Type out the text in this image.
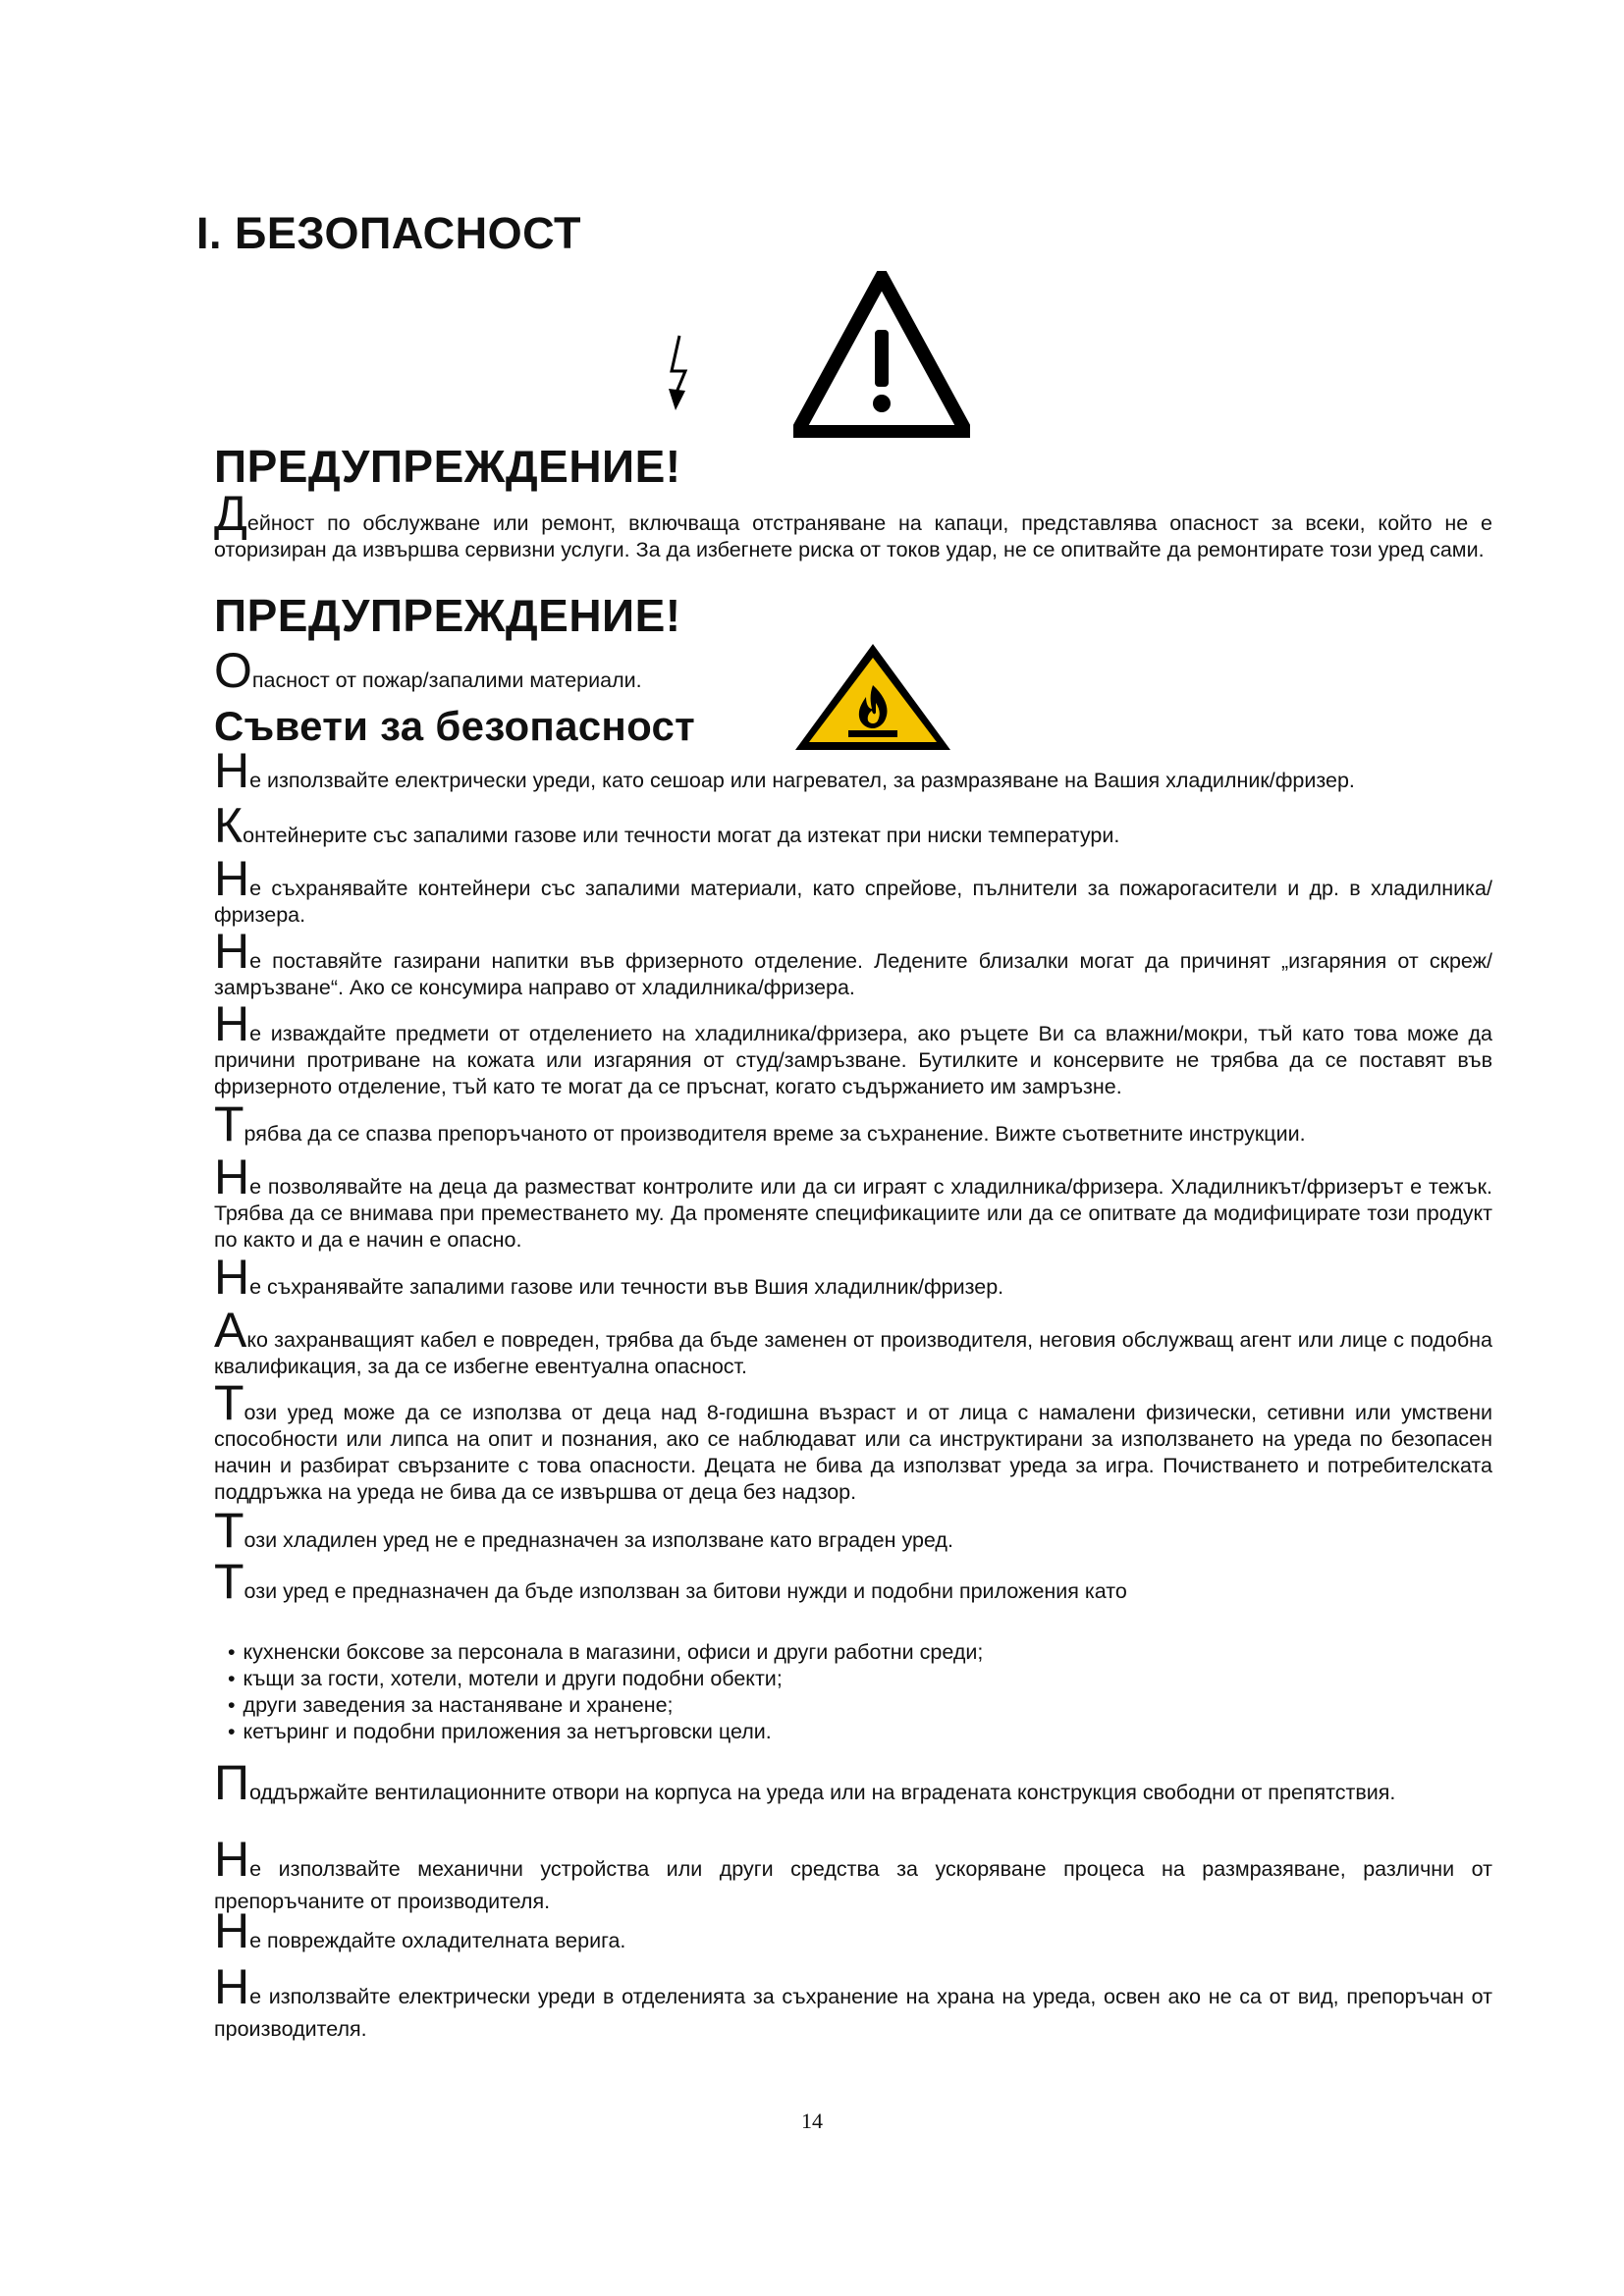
I. БЕЗОПАСНОСТ
ПРЕДУПРЕЖДЕНИЕ!

Дейност по обслужване или ремонт, включваща отстраняване на капаци, представлява опасност за всеки, който не е оторизиран да извършва сервизни услуги. За да избегнете риска от токов удар, не се опитвайте да ремонтирате този уред сами.

ПРЕДУПРЕЖДЕНИЕ!

Опасност от пожар/запалими материали.

Съвети за безопасност

Не използвайте електрически уреди, като сешоар или нагревател, за размразяване на Вашия хладилник/фризер.

Контейнерите със запалими газове или течности могат да изтекат при ниски температури.

Не съхранявайте контейнери със запалими материали, като спрейове, пълнители за пожарогасители и др. в хладилника/фризера.

Не поставяйте газирани напитки във фризерното отделение. Ледените близалки могат да причинят „изгаряния от скреж/замръзване“. Ако се консумира направо от хладилника/фризера.

Не изваждайте предмети от отделението на хладилника/фризера, ако ръцете Ви са влажни/мокри, тъй като това може да причини протриване на кожата или изгаряния от студ/замръзване. Бутилките и консервите не трябва да се поставят във фризерното отделение, тъй като те могат да се пръснат, когато съдържанието им замръзне.

Трябва да се спазва препоръчаното от производителя време за съхранение. Вижте съответните инструкции.

Не позволявайте на деца да разместват контролите или да си играят с хладилника/фризера. Хладилникът/фризерът е тежък. Трябва да се внимава при преместването му. Да променяте спецификациите или да се опитвате да модифицирате този продукт по както и да е начин е опасно.

Не съхранявайте запалими газове или течности във Вшия хладилник/фризер.

Ако захранващият кабел е повреден, трябва да бъде заменен от производителя, неговия обслужващ агент или лице с подобна квалификация, за да се избегне евентуална опасност.

Този уред може да се използва от деца над 8-годишна възраст и от лица с намалени физически, сетивни или умствени способности или липса на опит и познания, ако се наблюдават или са инструктирани за използването на уреда по безопасен начин и разбират свързаните с това опасности. Децата не бива да използват уреда за игра. Почистването и потребителската поддръжка на уреда не бива да се извършва от деца без надзор.

Този хладилен уред не е предназначен за използване като вграден уред.

Този уред е предназначен да бъде използван за битови нужди и подобни приложения като

• кухненски боксове за персонала в магазини, офиси и други работни среди;
• къщи за гости, хотели, мотели и други подобни обекти;
• други заведения за настаняване и хранене;
• кетъринг и подобни приложения за нетърговски цели.

Поддържайте вентилационните отвори на корпуса на уреда или на вградената конструкция свободни от препятствия.

Не използвайте механични устройства или други средства за ускоряване процеса на размразяване, различни от препоръчаните от производителя.

Не повреждайте охладителната верига.

Не използвайте електрически уреди в отделенията за съхранение на храна на уреда, освен ако не са от вид, препоръчан от производителя.

14
